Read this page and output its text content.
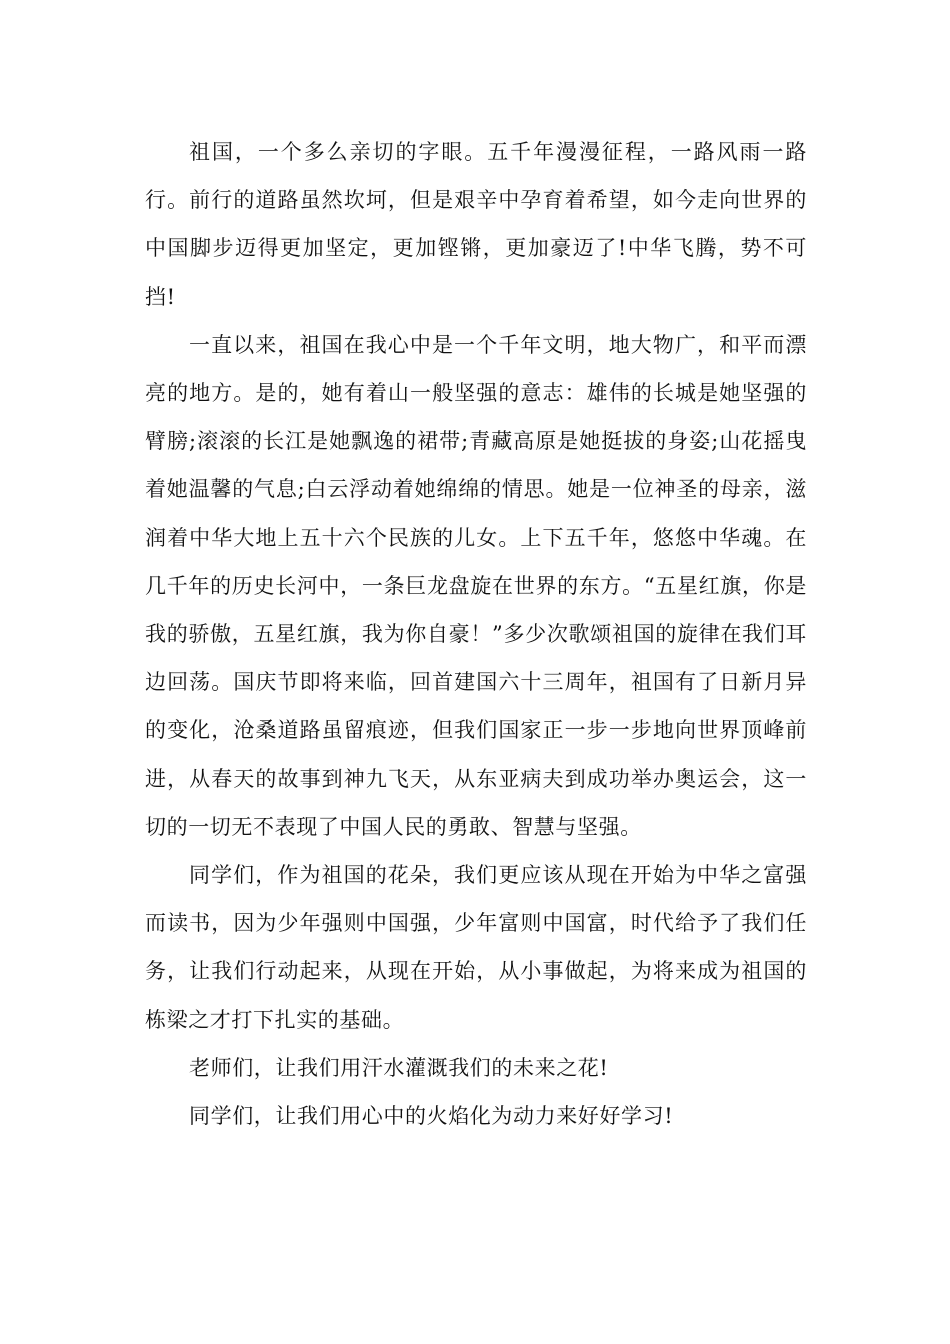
祖国，一个多么亲切的字眼。五千年漫漫征程，一路风雨一路行。前行的道路虽然坎坷，但是艰辛中孕育着希望，如今走向世界的中国脚步迈得更加坚定，更加铿锵，更加豪迈了!中华飞腾，势不可挡!

一直以来，祖国在我心中是一个千年文明，地大物广，和平而漂亮的地方。是的，她有着山一般坚强的意志：雄伟的长城是她坚强的臂膀;滚滚的长江是她飘逸的裙带;青藏高原是她挺拔的身姿;山花摇曳着她温馨的气息;白云浮动着她绵绵的情思。她是一位神圣的母亲，滋润着中华大地上五十六个民族的儿女。上下五千年，悠悠中华魂。在几千年的历史长河中，一条巨龙盘旋在世界的东方。“五星红旗，你是我的骄傲，五星红旗，我为你自豪！”多少次歌颂祖国的旋律在我们耳边回荡。国庆节即将来临，回首建国六十三周年，祖国有了日新月异的变化，沧桑道路虽留痕迹，但我们国家正一步一步地向世界顶峰前进，从春天的故事到神九飞天，从东亚病夫到成功举办奥运会，这一切的一切无不表现了中国人民的勇敢、智慧与坚强。

同学们，作为祖国的花朵，我们更应该从现在开始为中华之富强而读书，因为少年强则中国强，少年富则中国富，时代给予了我们任务，让我们行动起来，从现在开始，从小事做起，为将来成为祖国的栋梁之才打下扎实的基础。

老师们，让我们用汗水灌溉我们的未来之花!

同学们，让我们用心中的火焰化为动力来好好学习!
